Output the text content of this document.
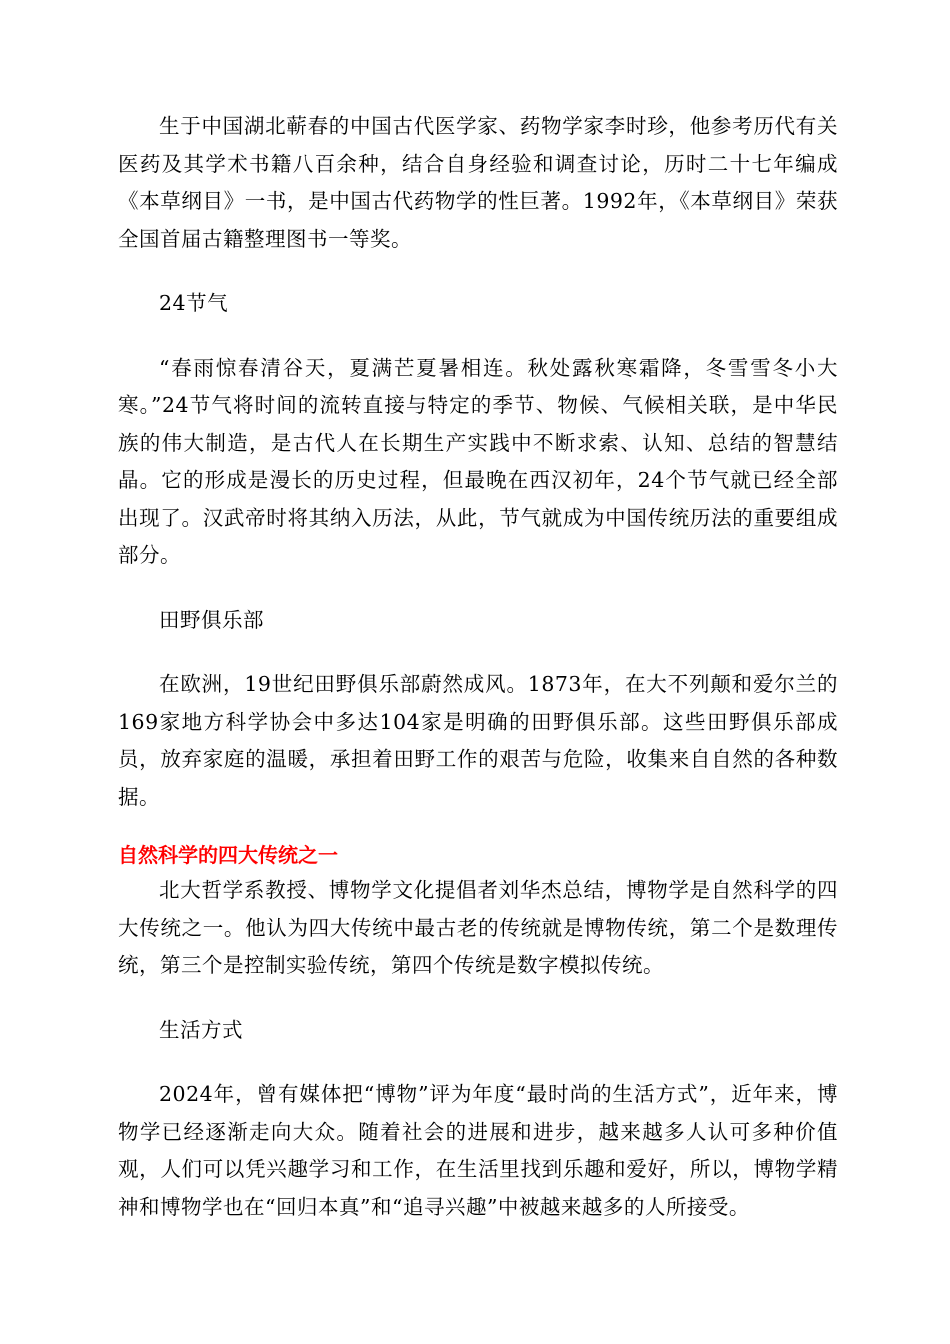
生于中国湖北蕲春的中国古代医学家、药物学家李时珍，他参考历代有关医药及其学术书籍八百余种，结合自身经验和调查讨论，历时二十七年编成《本草纲目》一书，是中国古代药物学的性巨著。1992年，《本草纲目》荣获全国首届古籍整理图书一等奖。

24节气

“春雨惊春清谷天，夏满芒夏暑相连。秋处露秋寒霜降，冬雪雪冬小大寒。”24节气将时间的流转直接与特定的季节、物候、气候相关联，是中华民族的伟大制造，是古代人在长期生产实践中不断求索、认知、总结的智慧结晶。它的形成是漫长的历史过程，但最晚在西汉初年，24个节气就已经全部出现了。汉武帝时将其纳入历法，从此，节气就成为中国传统历法的重要组成部分。

田野俱乐部

在欧洲，19世纪田野俱乐部蔚然成风。1873年，在大不列颠和爱尔兰的169家地方科学协会中多达104家是明确的田野俱乐部。这些田野俱乐部成员，放弃家庭的温暖，承担着田野工作的艰苦与危险，收集来自自然的各种数据。

自然科学的四大传统之一

北大哲学系教授、博物学文化提倡者刘华杰总结，博物学是自然科学的四大传统之一。他认为四大传统中最古老的传统就是博物传统，第二个是数理传统，第三个是控制实验传统，第四个传统是数字模拟传统。

生活方式

2024年，曾有媒体把“博物”评为年度“最时尚的生活方式”，近年来，博物学已经逐渐走向大众。随着社会的进展和进步，越来越多人认可多种价值观，人们可以凭兴趣学习和工作，在生活里找到乐趣和爱好，所以，博物学精神和博物学也在“回归本真”和“追寻兴趣”中被越来越多的人所接受。
